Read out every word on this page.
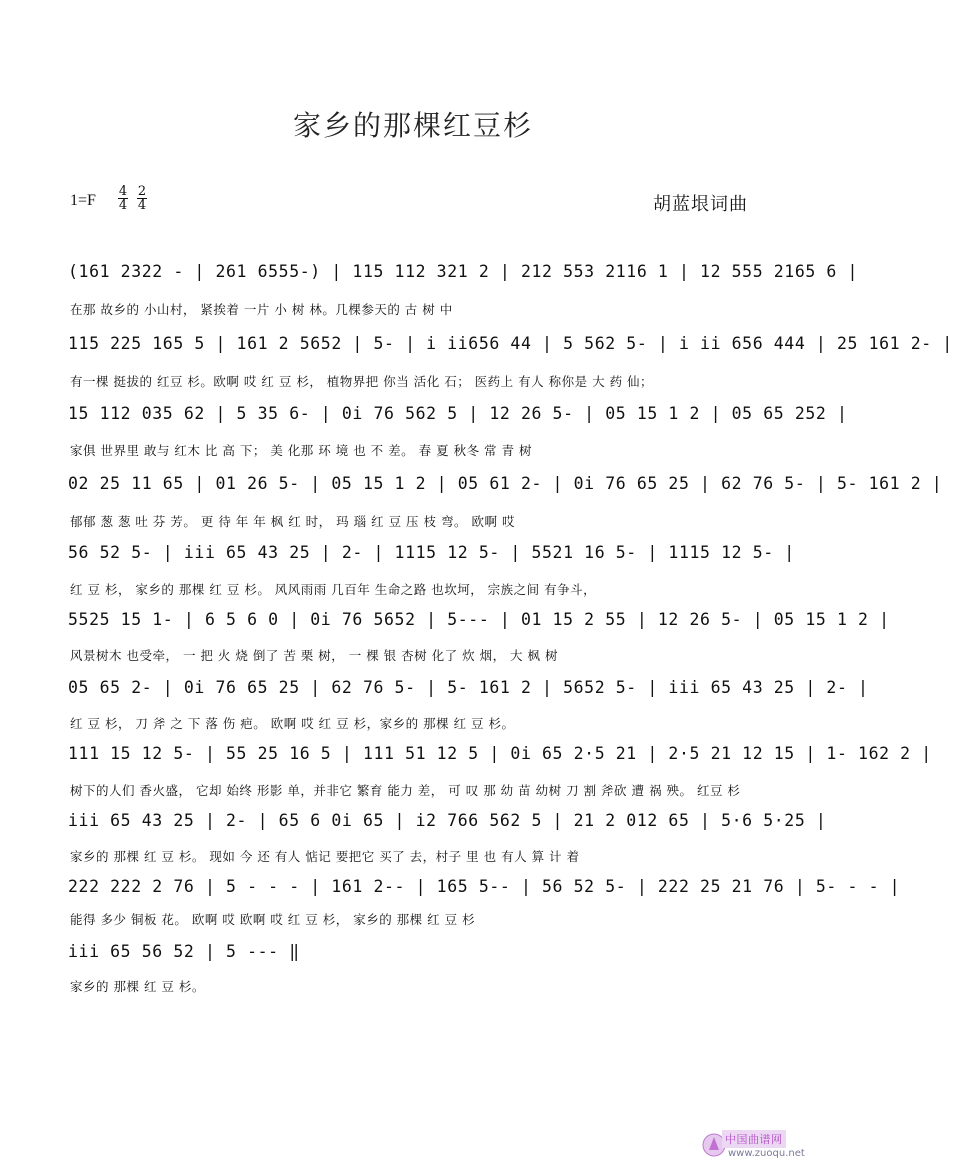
家乡的那棵红豆杉
1=F
4
4
2
4	胡蓝垠词曲
(161 2322 - | 261 6555-) | 115 112 321 2 | 212 553 2116 1 | 12 555 2165 6 |
在那 故乡的 小山村， 紧挨着 一片 小 树 林。几棵参天的 古 树 中
115 225 165 5 | 161 2 5652 | 5- | i ii656 44 | 5 562 5- | i ii 656 444 | 25 161 2- |
有一棵 挺拔的 红豆 杉。欧啊 哎 红 豆 杉， 植物界把 你当 活化 石； 医药上 有人 称你是 大 药 仙；
15 112 035 62 | 5 35 6- | 0i 76 562 5 | 12 26 5- | 05 15 1 2 | 05 65 252 |
家俱 世界里 敢与 红木 比 高 下； 美 化那 环 境 也 不 差。 春 夏 秋冬 常 青 树
02 25 11 65 | 01 26 5- | 05 15 1 2 | 05 61 2- | 0i 76 65 25 | 62 76 5- | 5- 161 2 |
郁郁 葱 葱 吐 芬 芳。 更 待 年 年 枫 红 时， 玛 瑙 红 豆 压 枝 弯。 欧啊 哎
56 52 5- | iii 65 43 25 | 2- | 1115 12 5- | 5521 16 5- | 1115 12 5- |
红 豆 杉， 家乡的 那棵 红 豆 杉。 风风雨雨 几百年 生命之路 也坎坷， 宗族之间 有争斗，
5525 15 1- | 6 5 6 0 | 0i 76 5652 | 5--- | 01 15 2 55 | 12 26 5- | 05 15 1 2 |
风景树木 也受牵， 一 把 火 烧 倒了 苦 栗 树， 一 棵 银 杏树 化了 炊 烟， 大 枫 树
05 65 2- | 0i 76 65 25 | 62 76 5- | 5- 161 2 | 5652 5- | iii 65 43 25 | 2- |
红 豆 杉， 刀 斧 之 下 落 伤 疤。 欧啊 哎 红 豆 杉，家乡的 那棵 红 豆 杉。
111 15 12 5- | 55 25 16 5 | 111 51 12 5 | 0i 65 2·5 21 | 2·5 21 12 15 | 1- 162 2 |
树下的人们 香火盛， 它却 始终 形影 单，并非它 繁育 能力 差， 可 叹 那 幼 苗 幼树 刀 割 斧砍 遭 祸 殃。 红豆 杉
iii 65 43 25 | 2- | 65 6 0i 65 | i2 766 562 5 | 21 2 012 65 | 5·6 5·25 |
家乡的 那棵 红 豆 杉。 现如 今 还 有人 惦记 要把它 买了 去，村子 里 也 有人 算 计 着
222 222 2 76 | 5 - - - | 161 2-- | 165 5-- | 56 52 5- | 222 25 21 76 | 5- - - |
能得 多少 铜板 花。 欧啊 哎 欧啊 哎 红 豆 杉， 家乡的 那棵 红 豆 杉
iii 65 56 52 | 5 --- ‖
家乡的 那棵 红 豆 杉。
中国曲谱网
www.zuoqu.net
